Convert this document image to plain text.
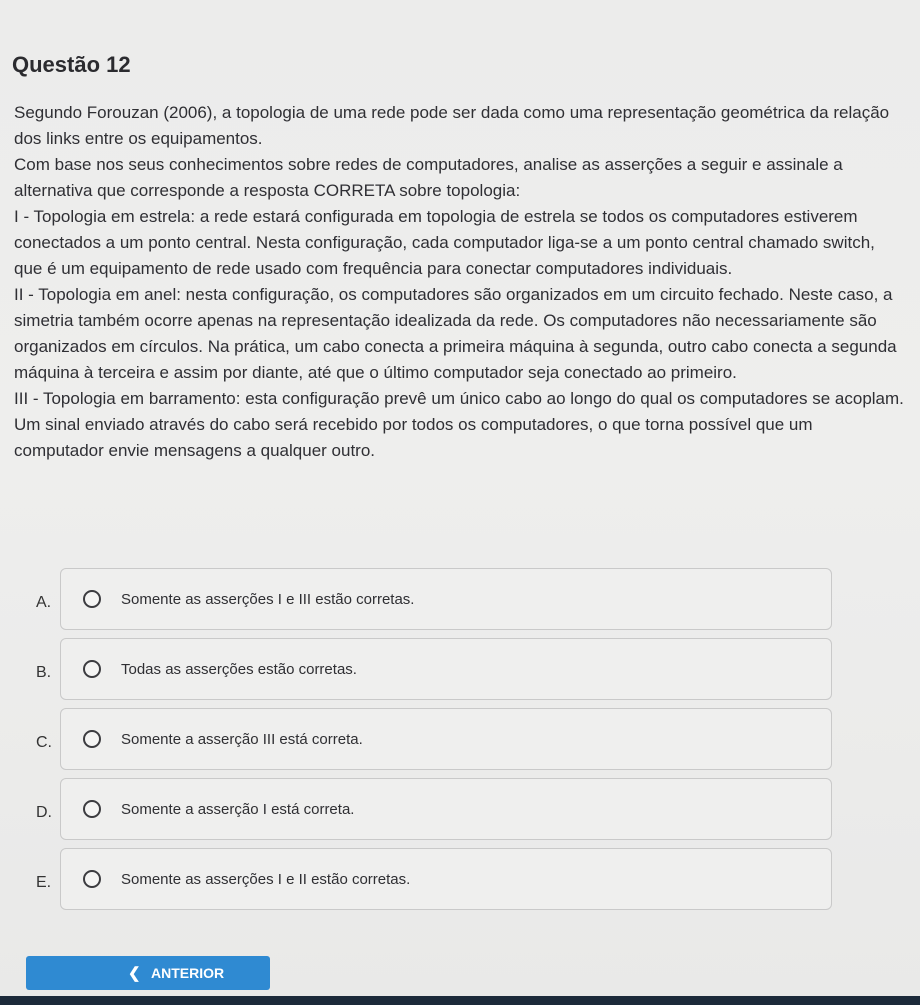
Questão 12

Segundo Forouzan (2006), a topologia de uma rede pode ser dada como uma representação geométrica da relação dos links entre os equipamentos.

Com base nos seus conhecimentos sobre redes de computadores, analise as asserções a seguir e assinale a alternativa que corresponde a resposta CORRETA sobre topologia:

I - Topologia em estrela: a rede estará configurada em topologia de estrela se todos os computadores estiverem conectados a um ponto central. Nesta configuração, cada computador liga-se a um ponto central chamado switch, que é um equipamento de rede usado com frequência para conectar computadores individuais.

II - Topologia em anel: nesta configuração, os computadores são organizados em um circuito fechado. Neste caso, a simetria também ocorre apenas na representação idealizada da rede. Os computadores não necessariamente são organizados em círculos. Na prática, um cabo conecta a primeira máquina à segunda, outro cabo conecta a segunda máquina à terceira e assim por diante, até que o último computador seja conectado ao primeiro.

III - Topologia em barramento: esta configuração prevê um único cabo ao longo do qual os computadores se acoplam. Um sinal enviado através do cabo será recebido por todos os computadores, o que torna possível que um computador envie mensagens a qualquer outro.

A.	Somente as asserções I e III estão corretas.
B.	Todas as asserções estão corretas.
C.	Somente a asserção III está correta.
D.	Somente a asserção I está correta.
E.	Somente as asserções I e II estão corretas.
❮ ANTERIOR
